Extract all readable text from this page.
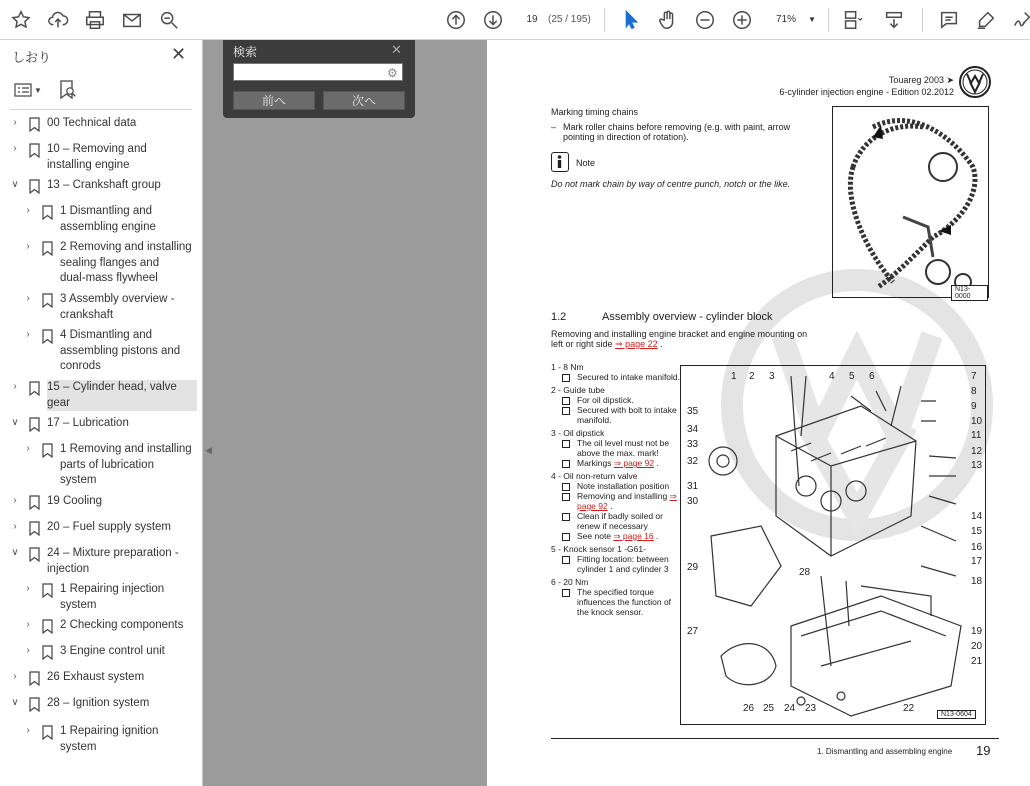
19	(25 / 195)	71% ▼
しおり	✕
▼
›	00 Technical data
›	10 – Removing and
installing engine
∨ 13 – Crankshaft group
›	1 Dismantling and
assembling engine
›	2 Removing and installing
sealing flanges and
dual-mass flywheel
›	3 Assembly overview -
crankshaft
›	4 Dismantling and
assembling pistons and
conrods
›	15 – Cylinder head, valve
gear
∨ 17 – Lubrication
›	1 Removing and installing
parts of lubrication
system
›	19 Cooling
›	20 – Fuel supply system
∨ 24 – Mixture preparation -
injection
›	1 Repairing injection
system
›	2 Checking components
›	3 Engine control unit
›	26 Exhaust system
∨ 28 – Ignition system
›	1 Repairing ignition
system
◀
検索	✕
⚙
前へ	次へ
Touareg 2003 ➤
6-cylinder injection engine - Edition 02.2012
Marking timing chains
– Mark roller chains before removing (e.g. with paint, arrow pointing in direction of rotation).
Note
Do not mark chain by way of centre punch, notch or the like.
N13-0000
1.2	Assembly overview - cylinder block
Removing and installing engine bracket and engine mounting on left or right side ⇒ page 22 .
1 - 8 Nm
Secured to intake manifold.
2 - Guide tube
For oil dipstick.
Secured with bolt to intake manifold.
3 - Oil dipstick
The oil level must not be above the max. mark!
Markings ⇒ page 92 .
4 - Oil non-return valve
Note installation position
Removing and installing ⇒ page 92 .
Clean if badly soiled or renew if necessary
See note ⇒ page 16 .
5 - Knock sensor 1 -G61-
Fitting location: between cylinder 1 and cylinder 3
6 - 20 Nm
The specified torque influences the function of the knock sensor.
1 2 3	4 5 6	7
8
9
10
11
12
13
14
15
16
17
18
19
20
21
35
34
33
32
31
30
29
27
26 25 24 23	22
28
N13-0604
1. Dismantling and assembling engine 19
